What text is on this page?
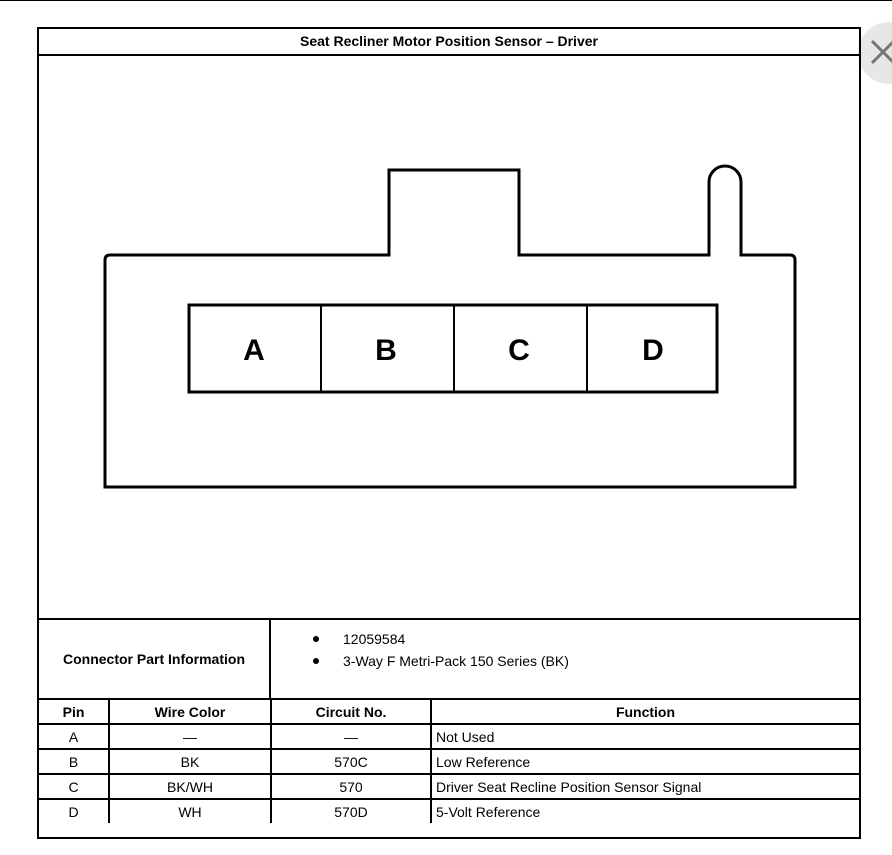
Seat Recliner Motor Position Sensor – Driver
A	B	C	D
Connector Part Information
12059584
3-Way F Metri-Pack 150 Series (BK)
Pin	Wire Color	Circuit No.	Function
A	—	—	Not Used
B	BK	570C	Low Reference
C	BK/WH	570	Driver Seat Recline Position Sensor Signal
D	WH	570D	5-Volt Reference
